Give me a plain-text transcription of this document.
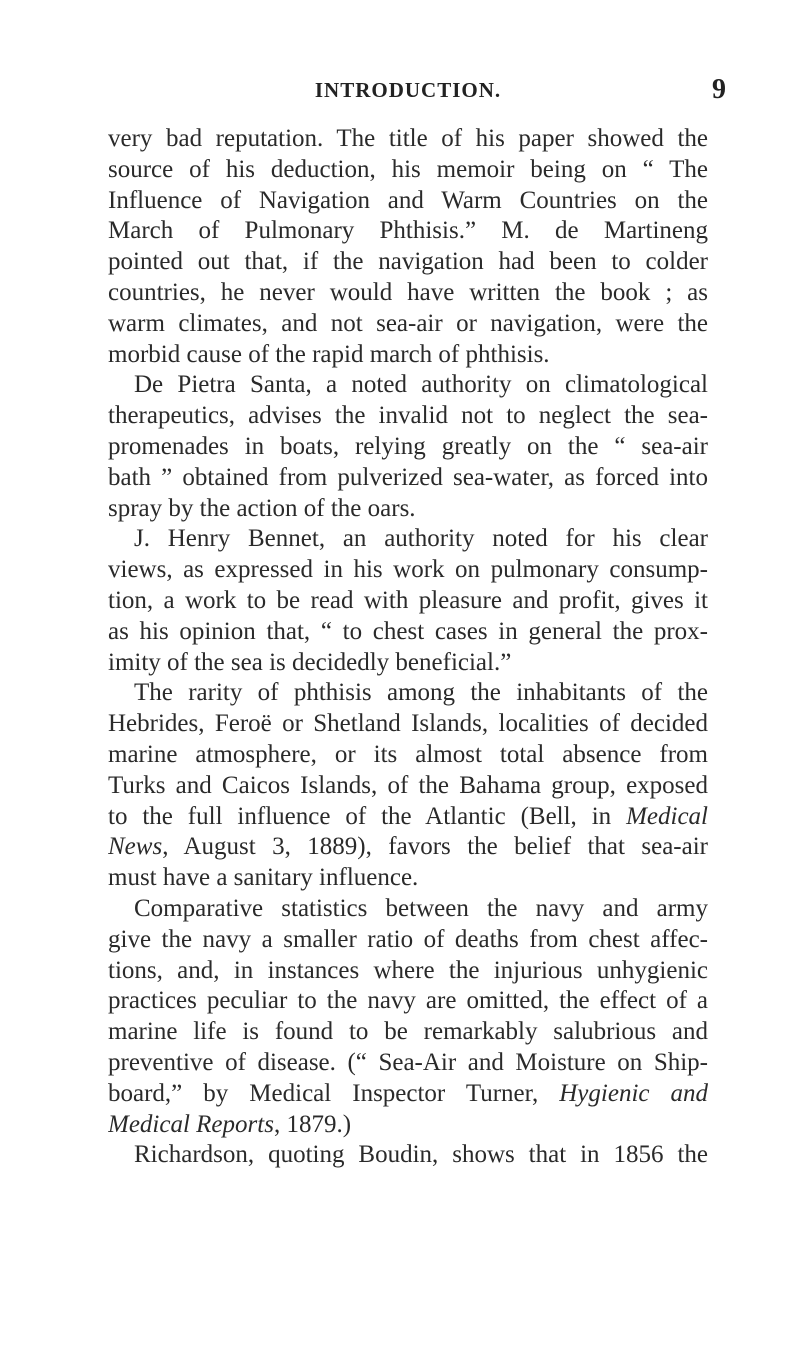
INTRODUCTION.	9
very bad reputation. The title of his paper showed the
source of his deduction, his memoir being on “ The
Influence of Navigation and Warm Countries on the
March of Pulmonary Phthisis.” M. de Martineng
pointed out that, if the navigation had been to colder
countries, he never would have written the book ; as
warm climates, and not sea-air or navigation, were the
morbid cause of the rapid march of phthisis.
De Pietra Santa, a noted authority on climatological
therapeutics, advises the invalid not to neglect the sea-
promenades in boats, relying greatly on the “ sea-air
bath ” obtained from pulverized sea-water, as forced into
spray by the action of the oars.
J. Henry Bennet, an authority noted for his clear
views, as expressed in his work on pulmonary consump-
tion, a work to be read with pleasure and profit, gives it
as his opinion that, “ to chest cases in general the prox-
imity of the sea is decidedly beneficial.”
The rarity of phthisis among the inhabitants of the
Hebrides, Feroë or Shetland Islands, localities of decided
marine atmosphere, or its almost total absence from
Turks and Caicos Islands, of the Bahama group, exposed
to the full influence of the Atlantic (Bell, in Medical
News, August 3, 1889), favors the belief that sea-air
must have a sanitary influence.
Comparative statistics between the navy and army
give the navy a smaller ratio of deaths from chest affec-
tions, and, in instances where the injurious unhygienic
practices peculiar to the navy are omitted, the effect of a
marine life is found to be remarkably salubrious and
preventive of disease. (“ Sea-Air and Moisture on Ship-
board,” by Medical Inspector Turner, Hygienic and
Medical Reports, 1879.)
Richardson, quoting Boudin, shows that in 1856 the
